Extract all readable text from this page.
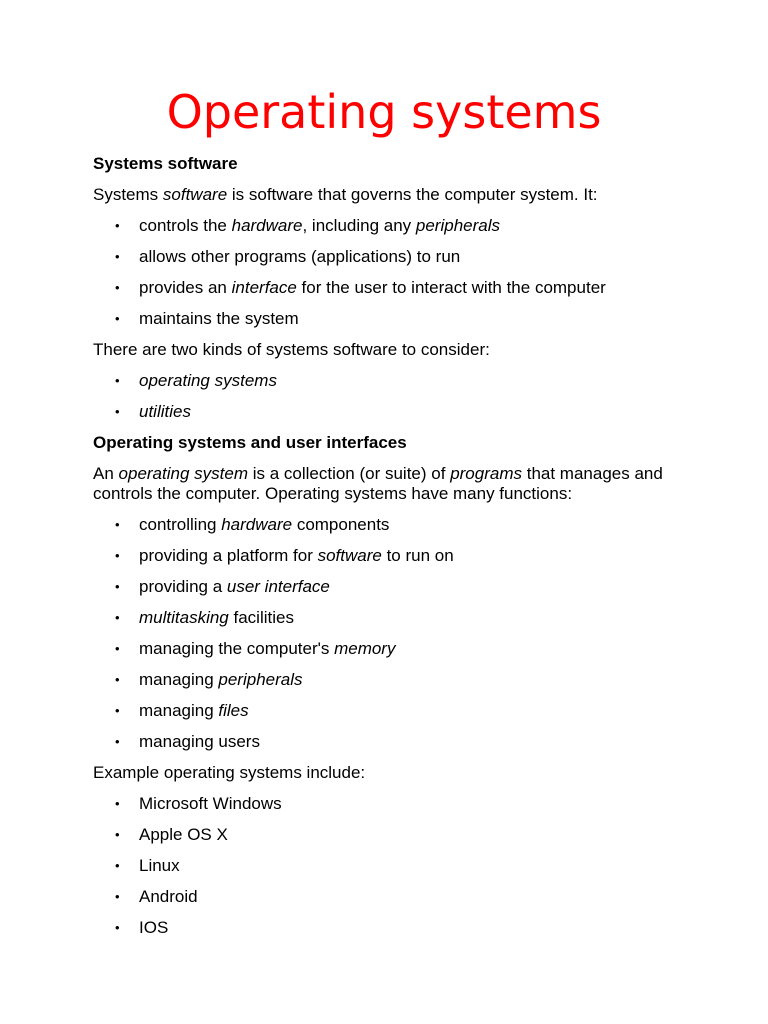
Operating systems
Systems software
Systems software is software that governs the computer system. It:
• controls the hardware, including any peripherals
• allows other programs (applications) to run
• provides an interface for the user to interact with the computer
• maintains the system
There are two kinds of systems software to consider:
• operating systems
• utilities
Operating systems and user interfaces
An operating system is a collection (or suite) of programs that manages and controls the computer. Operating systems have many functions:
• controlling hardware components
• providing a platform for software to run on
• providing a user interface
• multitasking facilities
• managing the computer's memory
• managing peripherals
• managing files
• managing users
Example operating systems include:
• Microsoft Windows
• Apple OS X
• Linux
• Android
• IOS
